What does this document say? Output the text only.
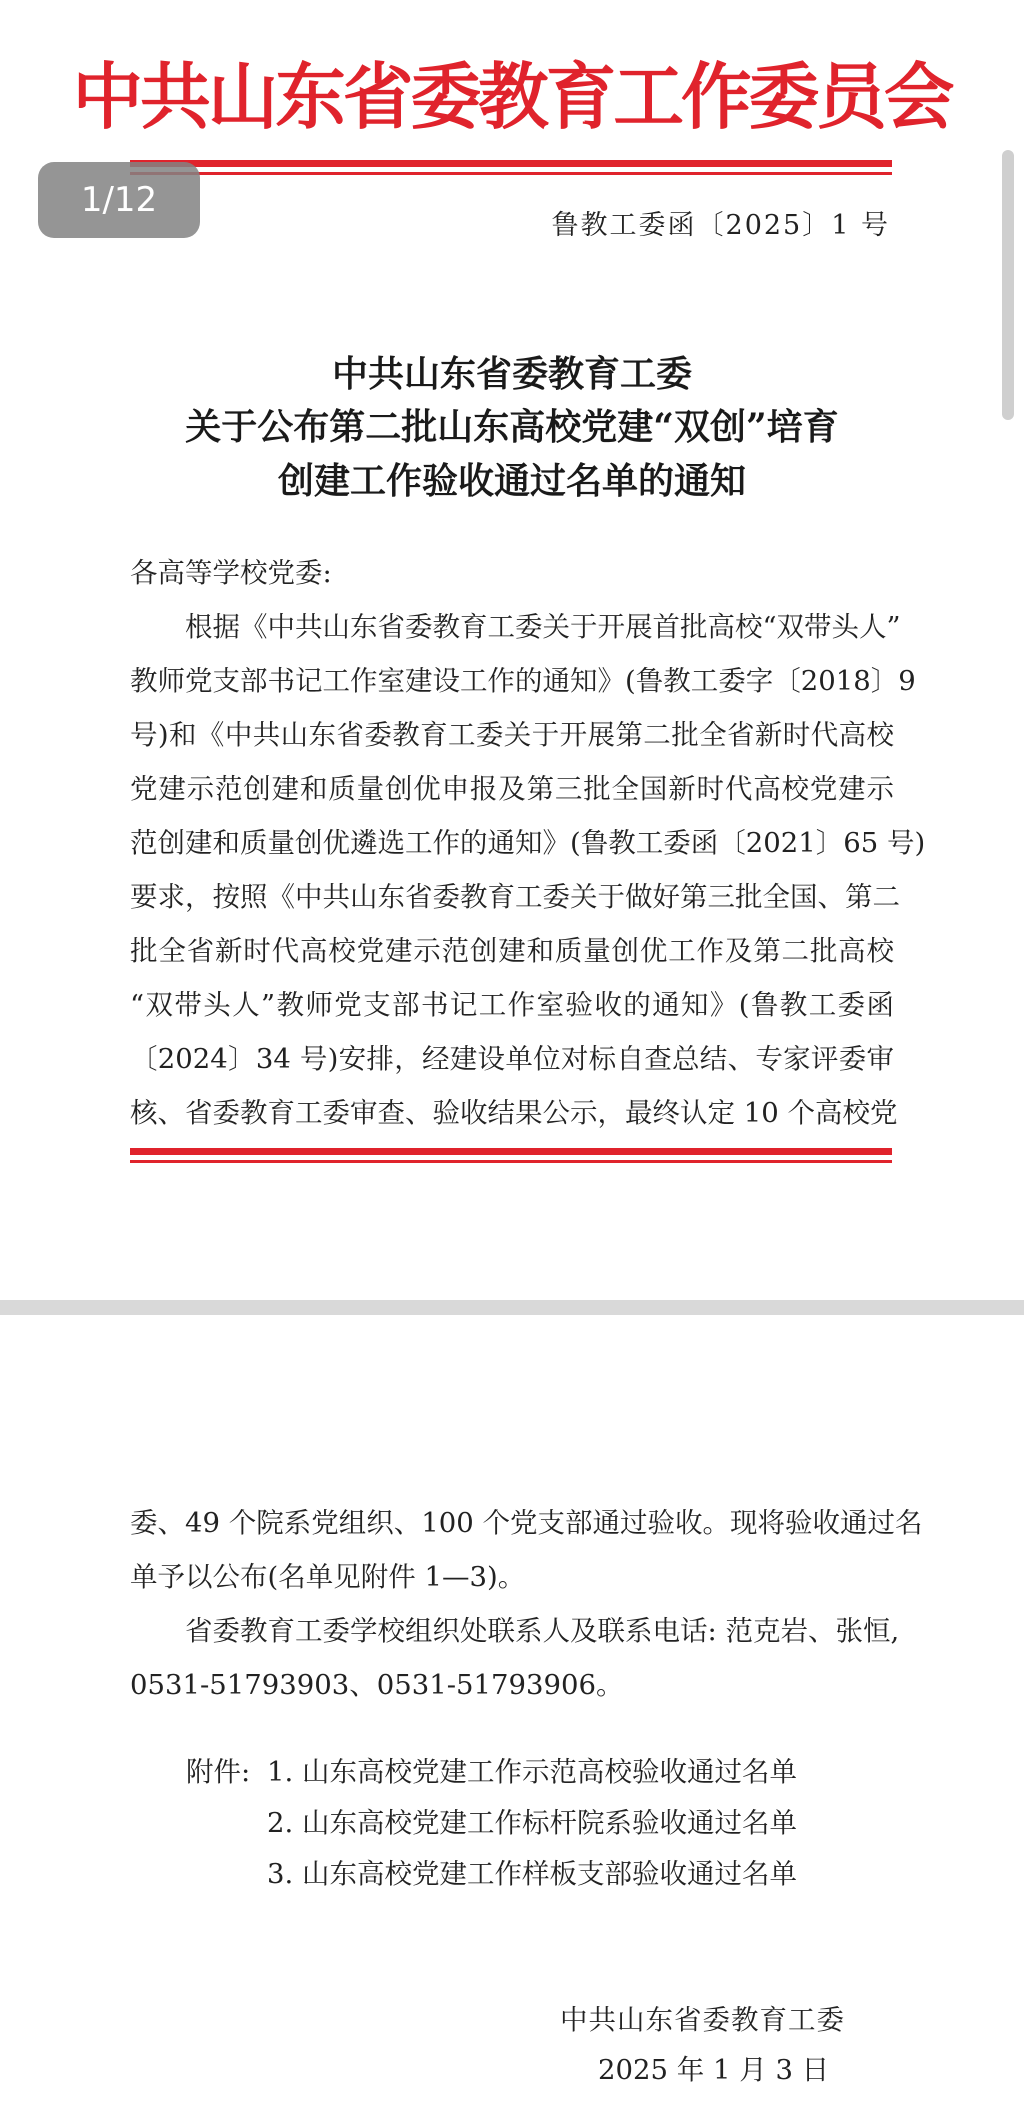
中共山东省委教育工作委员会
1/12
鲁教工委函〔2025〕1 号
中共山东省委教育工委
关于公布第二批山东高校党建“双创”培育
创建工作验收通过名单的通知
各高等学校党委:
　　根据《中共山东省委教育工委关于开展首批高校“双带头人”
教师党支部书记工作室建设工作的通知》(鲁教工委字〔2018〕9
号)和《中共山东省委教育工委关于开展第二批全省新时代高校
党建示范创建和质量创优申报及第三批全国新时代高校党建示
范创建和质量创优遴选工作的通知》(鲁教工委函〔2021〕65 号)
要求，按照《中共山东省委教育工委关于做好第三批全国、第二
批全省新时代高校党建示范创建和质量创优工作及第二批高校
“双带头人”教师党支部书记工作室验收的通知》(鲁教工委函
〔2024〕34 号)安排，经建设单位对标自查总结、专家评委审
核、省委教育工委审查、验收结果公示，最终认定 10 个高校党
委、49 个院系党组织、100 个党支部通过验收。现将验收通过名
单予以公布(名单见附件 1—3)。
　　省委教育工委学校组织处联系人及联系电话: 范克岩、张恒,
0531-51793903、0531-51793906。
附件: 1. 山东高校党建工作示范高校验收通过名单
2. 山东高校党建工作标杆院系验收通过名单
3. 山东高校党建工作样板支部验收通过名单
中共山东省委教育工委
2025 年 1 月 3 日
